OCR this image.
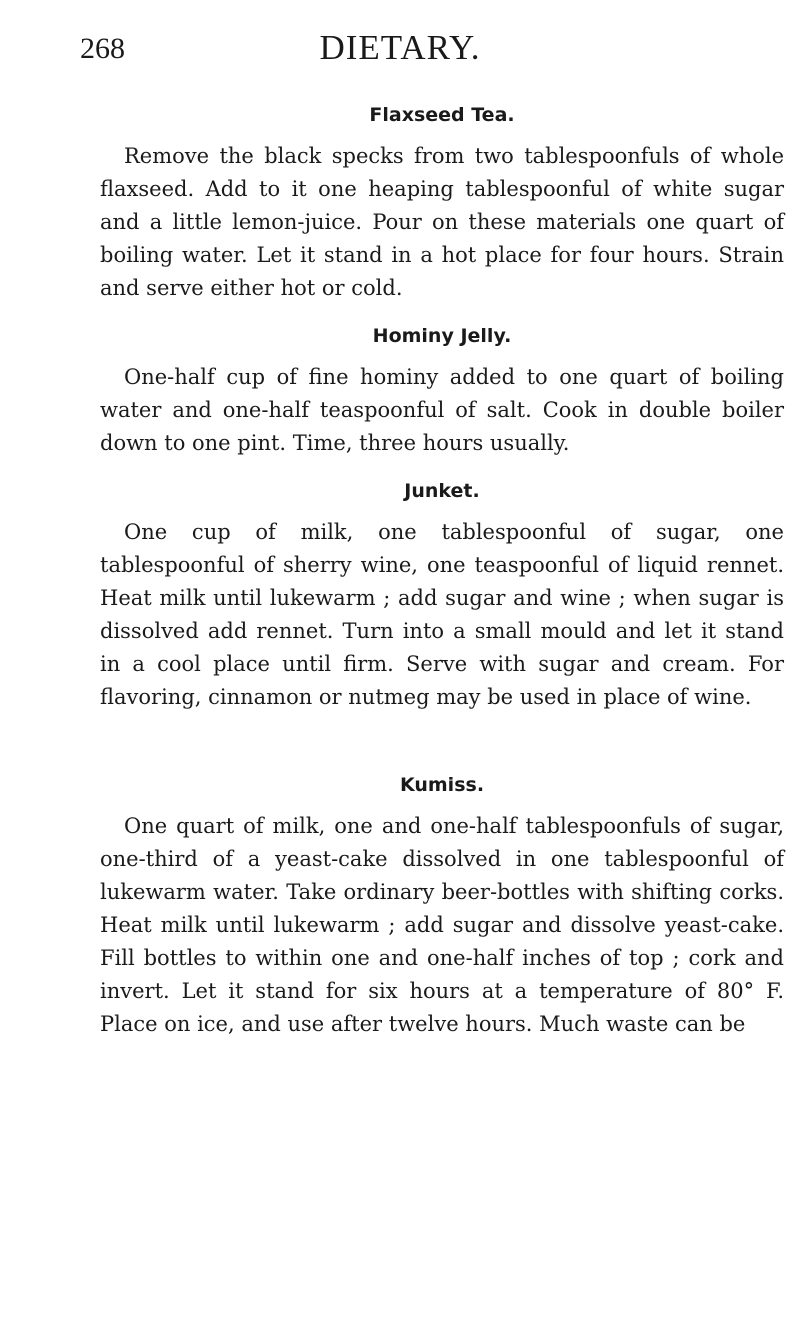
268	DIETARY.
Flaxseed Tea.

Remove the black specks from two tablespoonfuls of whole flaxseed. Add to it one heaping tablespoonful of white sugar and a little lemon-juice. Pour on these materials one quart of boiling water. Let it stand in a hot place for four hours. Strain and serve either hot or cold.

Hominy Jelly.

One-half cup of fine hominy added to one quart of boiling water and one-half teaspoonful of salt. Cook in double boiler down to one pint. Time, three hours usually.

Junket.

One cup of milk, one tablespoonful of sugar, one tablespoonful of sherry wine, one teaspoonful of liquid rennet. Heat milk until lukewarm ; add sugar and wine ; when sugar is dissolved add rennet. Turn into a small mould and let it stand in a cool place until firm. Serve with sugar and cream. For flavoring, cinnamon or nutmeg may be used in place of wine.

Kumiss.

One quart of milk, one and one-half tablespoonfuls of sugar, one-third of a yeast-cake dissolved in one tablespoonful of lukewarm water. Take ordinary beer-bottles with shifting corks. Heat milk until lukewarm ; add sugar and dissolve yeast-cake. Fill bottles to within one and one-half inches of top ; cork and invert. Let it stand for six hours at a temperature of 80° F. Place on ice, and use after twelve hours. Much waste can be
